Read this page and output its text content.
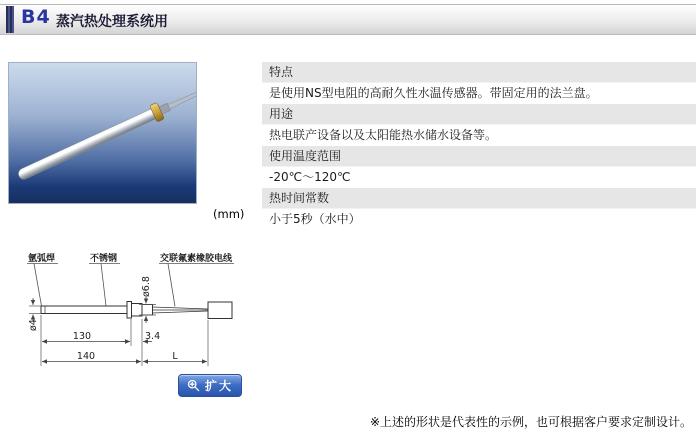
B4 蒸汽热处理系统用
(mm)
特点
是使用NS型电阻的高耐久性水温传感器。带固定用的法兰盘。
用途
热电联产设备以及太阳能热水储水设备等。
使用温度范围
-20℃～120℃
热时间常数
小于5秒（水中）
氩弧焊	不锈钢	交联氟素橡胶电线
ø6.8
ø4
130	3.4
140	L
扩大
※上述的形状是代表性的示例，也可根据客户要求定制设计。
